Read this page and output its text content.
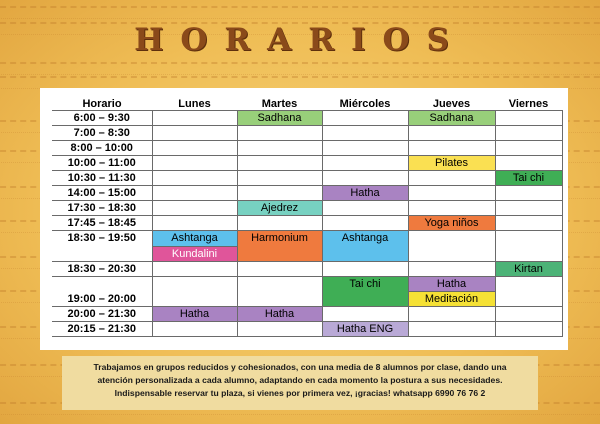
HORARIOS
Horario	Lunes	Martes	Miércoles	Jueves	Viernes
6:00 – 9:30		Sadhana		Sadhana	
7:00 – 8:30					
8:00 – 10:00					
10:00 – 11:00				Pilates	
10:30 – 11:30					Tai chi
14:00 – 15:00			Hatha		
17:30 – 18:30		Ajedrez			
17:45 – 18:45				Yoga niños	
18:30 – 19:50	Ashtanga	Harmonium	Ashtanga		
	Kundalini				
18:30 – 20:30					Kirtan
19:00 – 20:00			Tai chi	Hatha	
				Meditación	
20:00 – 21:30	Hatha	Hatha			
20:15 – 21:30			Hatha ENG		

Trabajamos en grupos reducidos y cohesionados, con una media de 8 alumnos por clase, dando una
atención personalizada a cada alumno, adaptando en cada momento la postura a sus necesidades.
Indispensable reservar tu plaza, si vienes por primera vez, ¡gracias! whatsapp 6990 76 76 2
